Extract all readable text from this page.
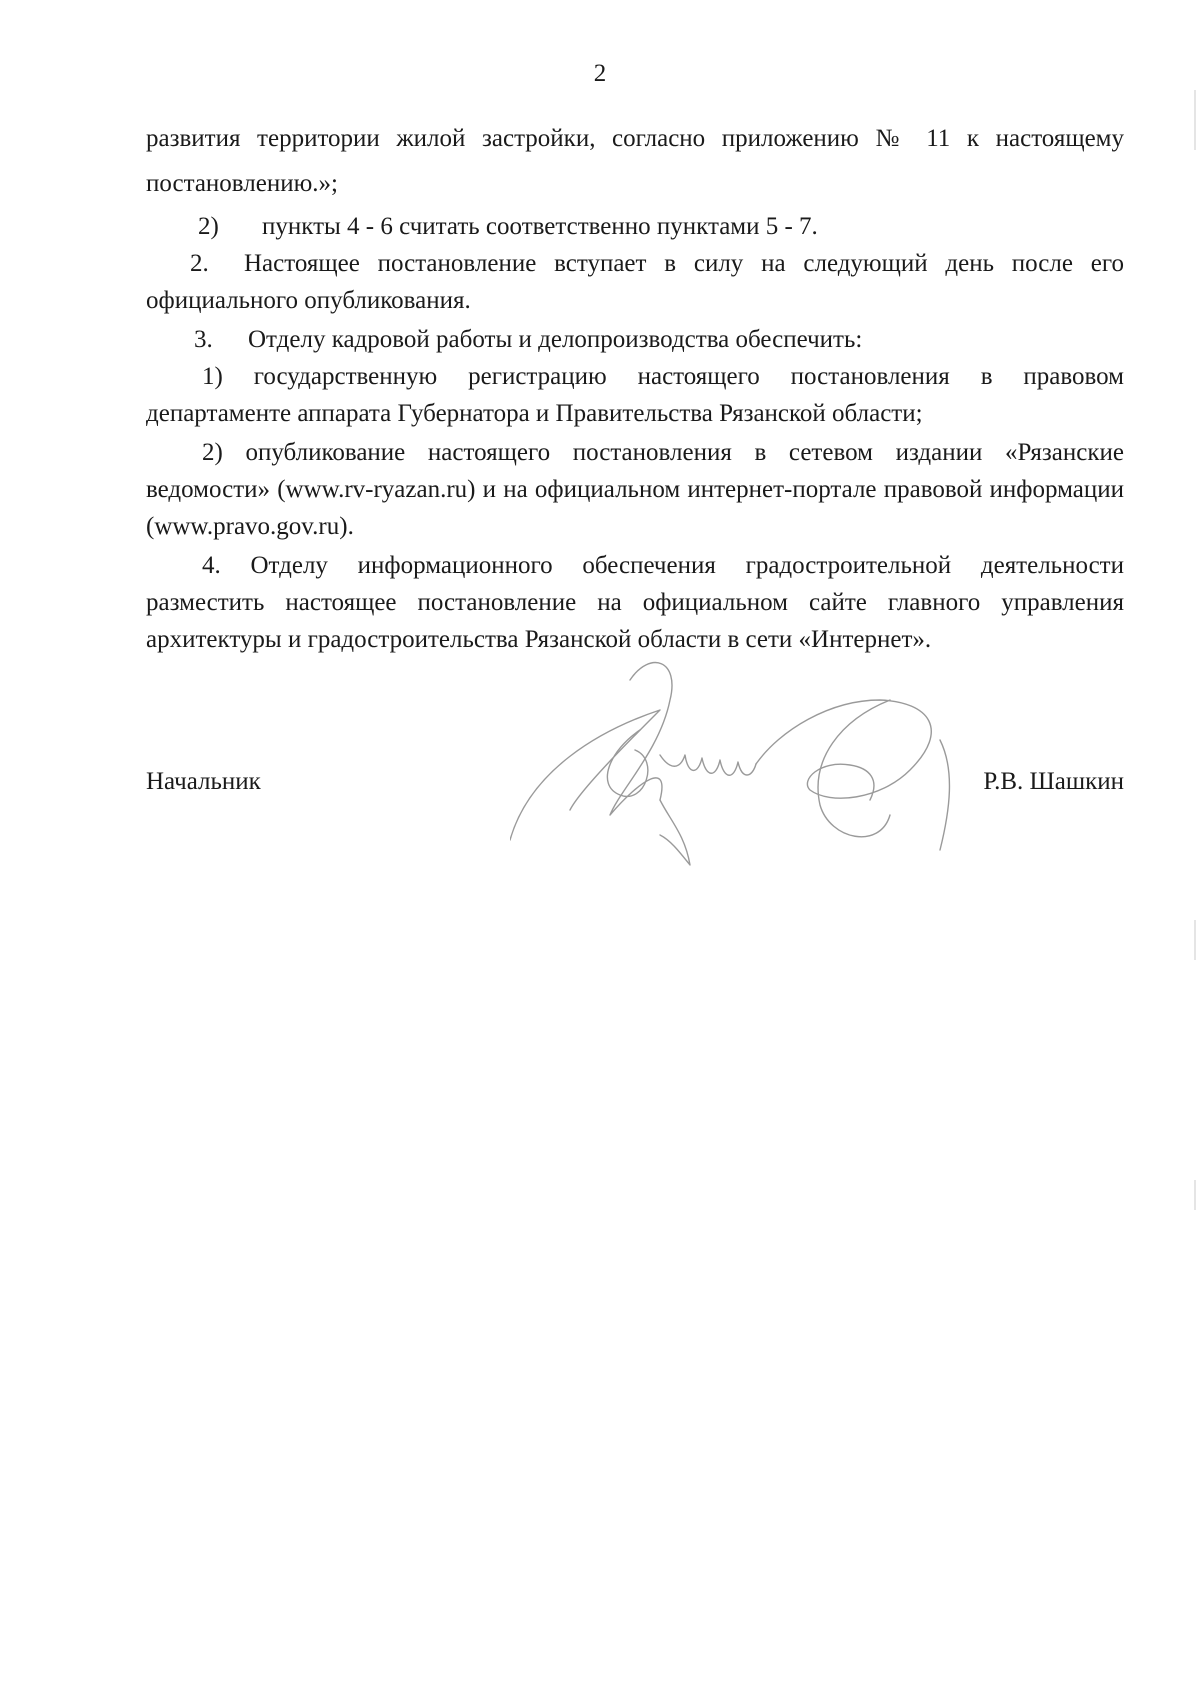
2

развития территории жилой застройки, согласно приложению № 11 к настоящему постановлению.»;

2) пункты 4 - 6 считать соответственно пунктами 5 - 7.

2. Настоящее постановление вступает в силу на следующий день после его официального опубликования.

3. Отделу кадровой работы и делопроизводства обеспечить:

1) государственную регистрацию настоящего постановления в правовом департаменте аппарата Губернатора и Правительства Рязанской области;

2) опубликование настоящего постановления в сетевом издании «Рязанские ведомости» (www.rv-ryazan.ru) и на официальном интернет-портале правовой информации (www.pravo.gov.ru).

4. Отделу информационного обеспечения градостроительной деятельности разместить настоящее постановление на официальном сайте главного управления архитектуры и градостроительства Рязанской области в сети «Интернет».

Начальник	Р.В. Шашкин
